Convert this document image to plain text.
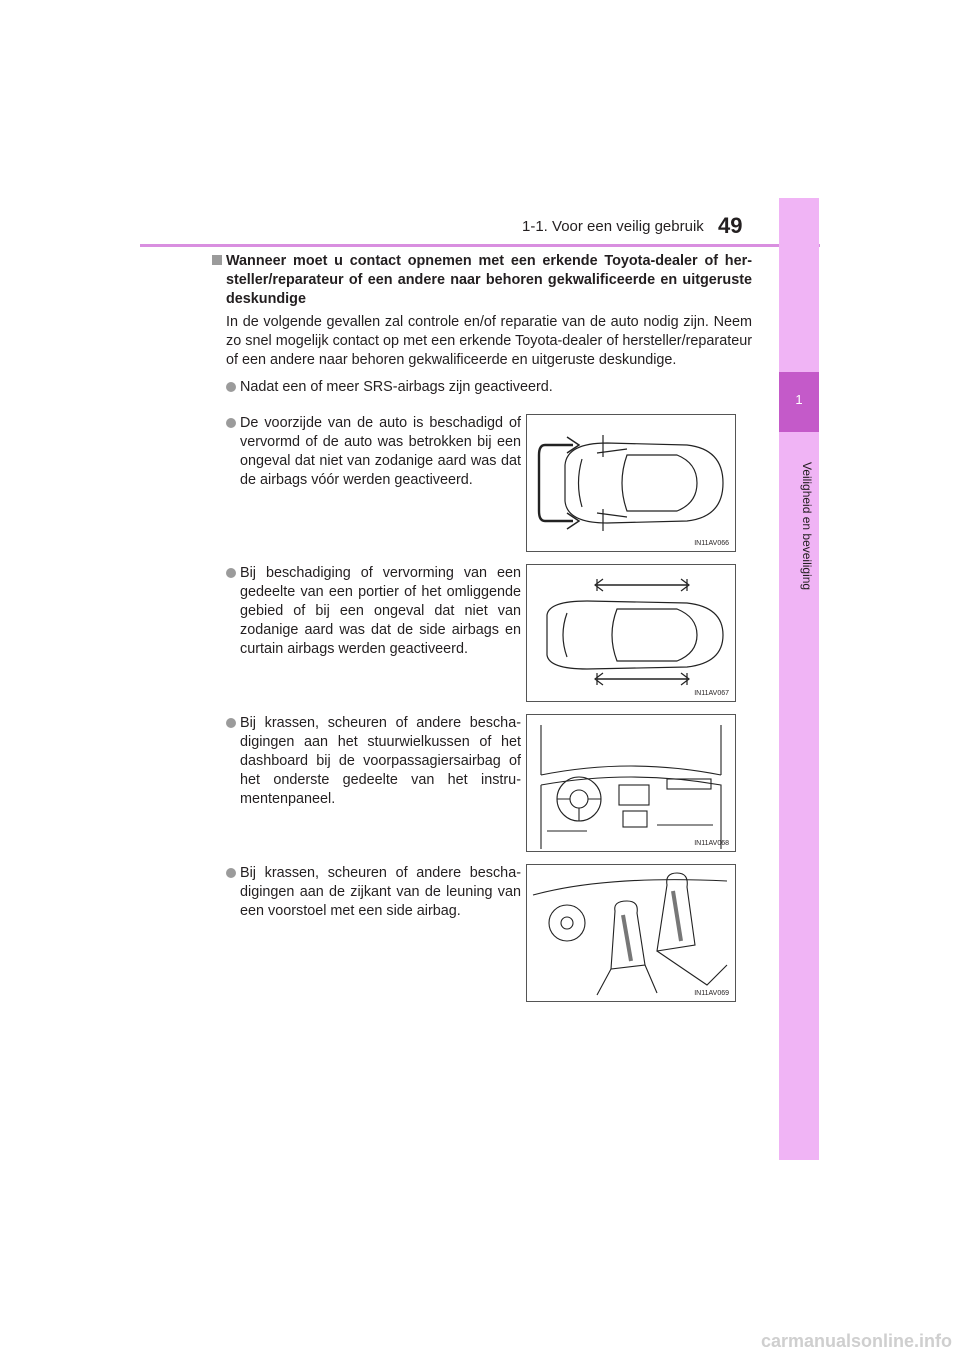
1-1. Voor een veilig gebruik 49
1
Veiligheid en beveiliging

Wanneer moet u contact opnemen met een erkende Toyota-dealer of hersteller/reparateur of een andere naar behoren gekwalificeerde en uitgeruste deskundige

In de volgende gevallen zal controle en/of reparatie van de auto nodig zijn. Neem zo snel mogelijk contact op met een erkende Toyota-dealer of hersteller/reparateur of een andere naar behoren gekwalificeerde en uitgeruste deskundige.

Nadat een of meer SRS-airbags zijn geactiveerd.
De voorzijde van de auto is beschadigd of vervormd of de auto was betrokken bij een ongeval dat niet van zodanige aard was dat de airbags vóór werden geactiveerd.
IN11AV066
Bij beschadiging of vervorming van een gedeelte van een portier of het omliggende gebied of bij een ongeval dat niet van zodanige aard was dat de side airbags en curtain airbags werden geactiveerd.
IN11AV067
Bij krassen, scheuren of andere beschadigingen aan het stuurwielkussen of het dashboard bij de voorpassagiersairbag of het onderste gedeelte van het instrumentenpaneel.
IN11AV068
Bij krassen, scheuren of andere beschadigingen aan de zijkant van de leuning van een voorstoel met een side airbag.
IN11AV069
carmanualsonline.info
